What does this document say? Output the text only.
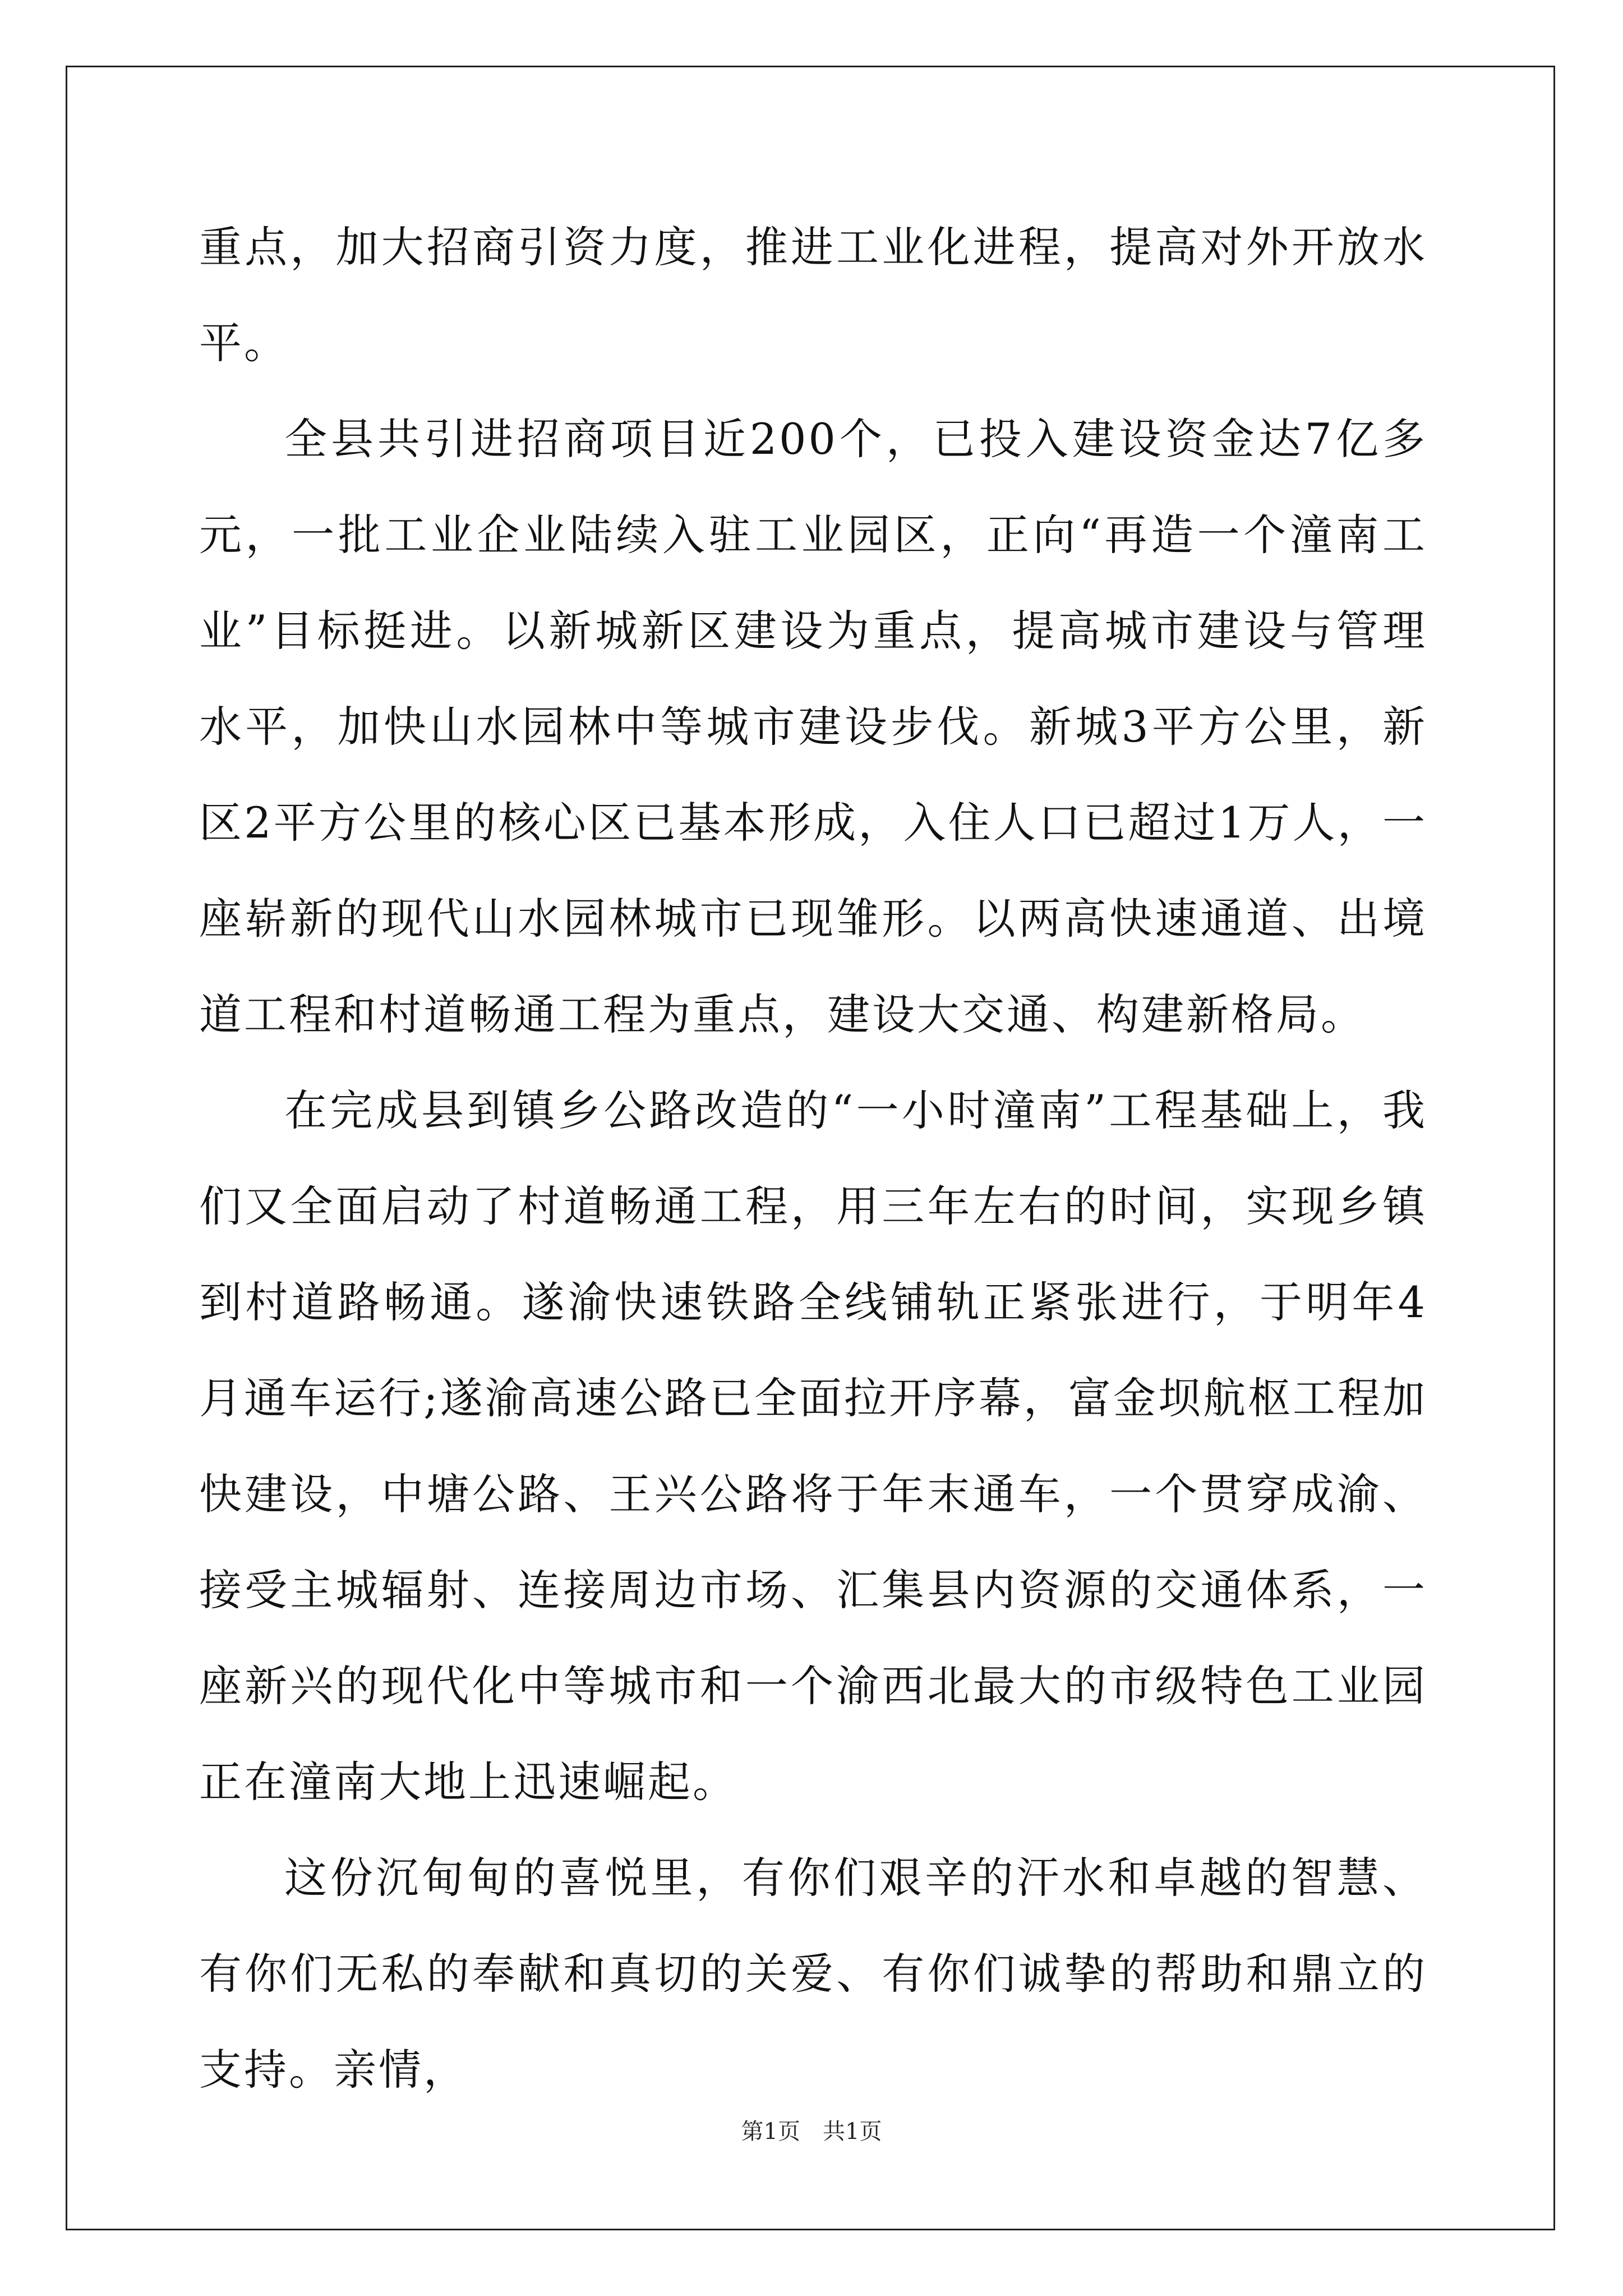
重点，加大招商引资力度，推进工业化进程，提高对外开放水平。

全县共引进招商项目近200个，已投入建设资金达7亿多元，一批工业企业陆续入驻工业园区，正向“再造一个潼南工业”目标挺进。以新城新区建设为重点，提高城市建设与管理水平，加快山水园林中等城市建设步伐。新城3平方公里，新区2平方公里的核心区已基本形成，入住人口已超过1万人，一座崭新的现代山水园林城市已现雏形。以两高快速通道、出境道工程和村道畅通工程为重点，建设大交通、构建新格局。

在完成县到镇乡公路改造的“一小时潼南”工程基础上，我们又全面启动了村道畅通工程，用三年左右的时间，实现乡镇到村道路畅通。遂渝快速铁路全线铺轨正紧张进行，于明年4月通车运行;遂渝高速公路已全面拉开序幕，富金坝航枢工程加快建设，中塘公路、王兴公路将于年末通车，一个贯穿成渝、接受主城辐射、连接周边市场、汇集县内资源的交通体系，一座新兴的现代化中等城市和一个渝西北最大的市级特色工业园正在潼南大地上迅速崛起。

这份沉甸甸的喜悦里，有你们艰辛的汗水和卓越的智慧、有你们无私的奉献和真切的关爱、有你们诚挚的帮助和鼎立的支持。亲情，

第1页　共1页
